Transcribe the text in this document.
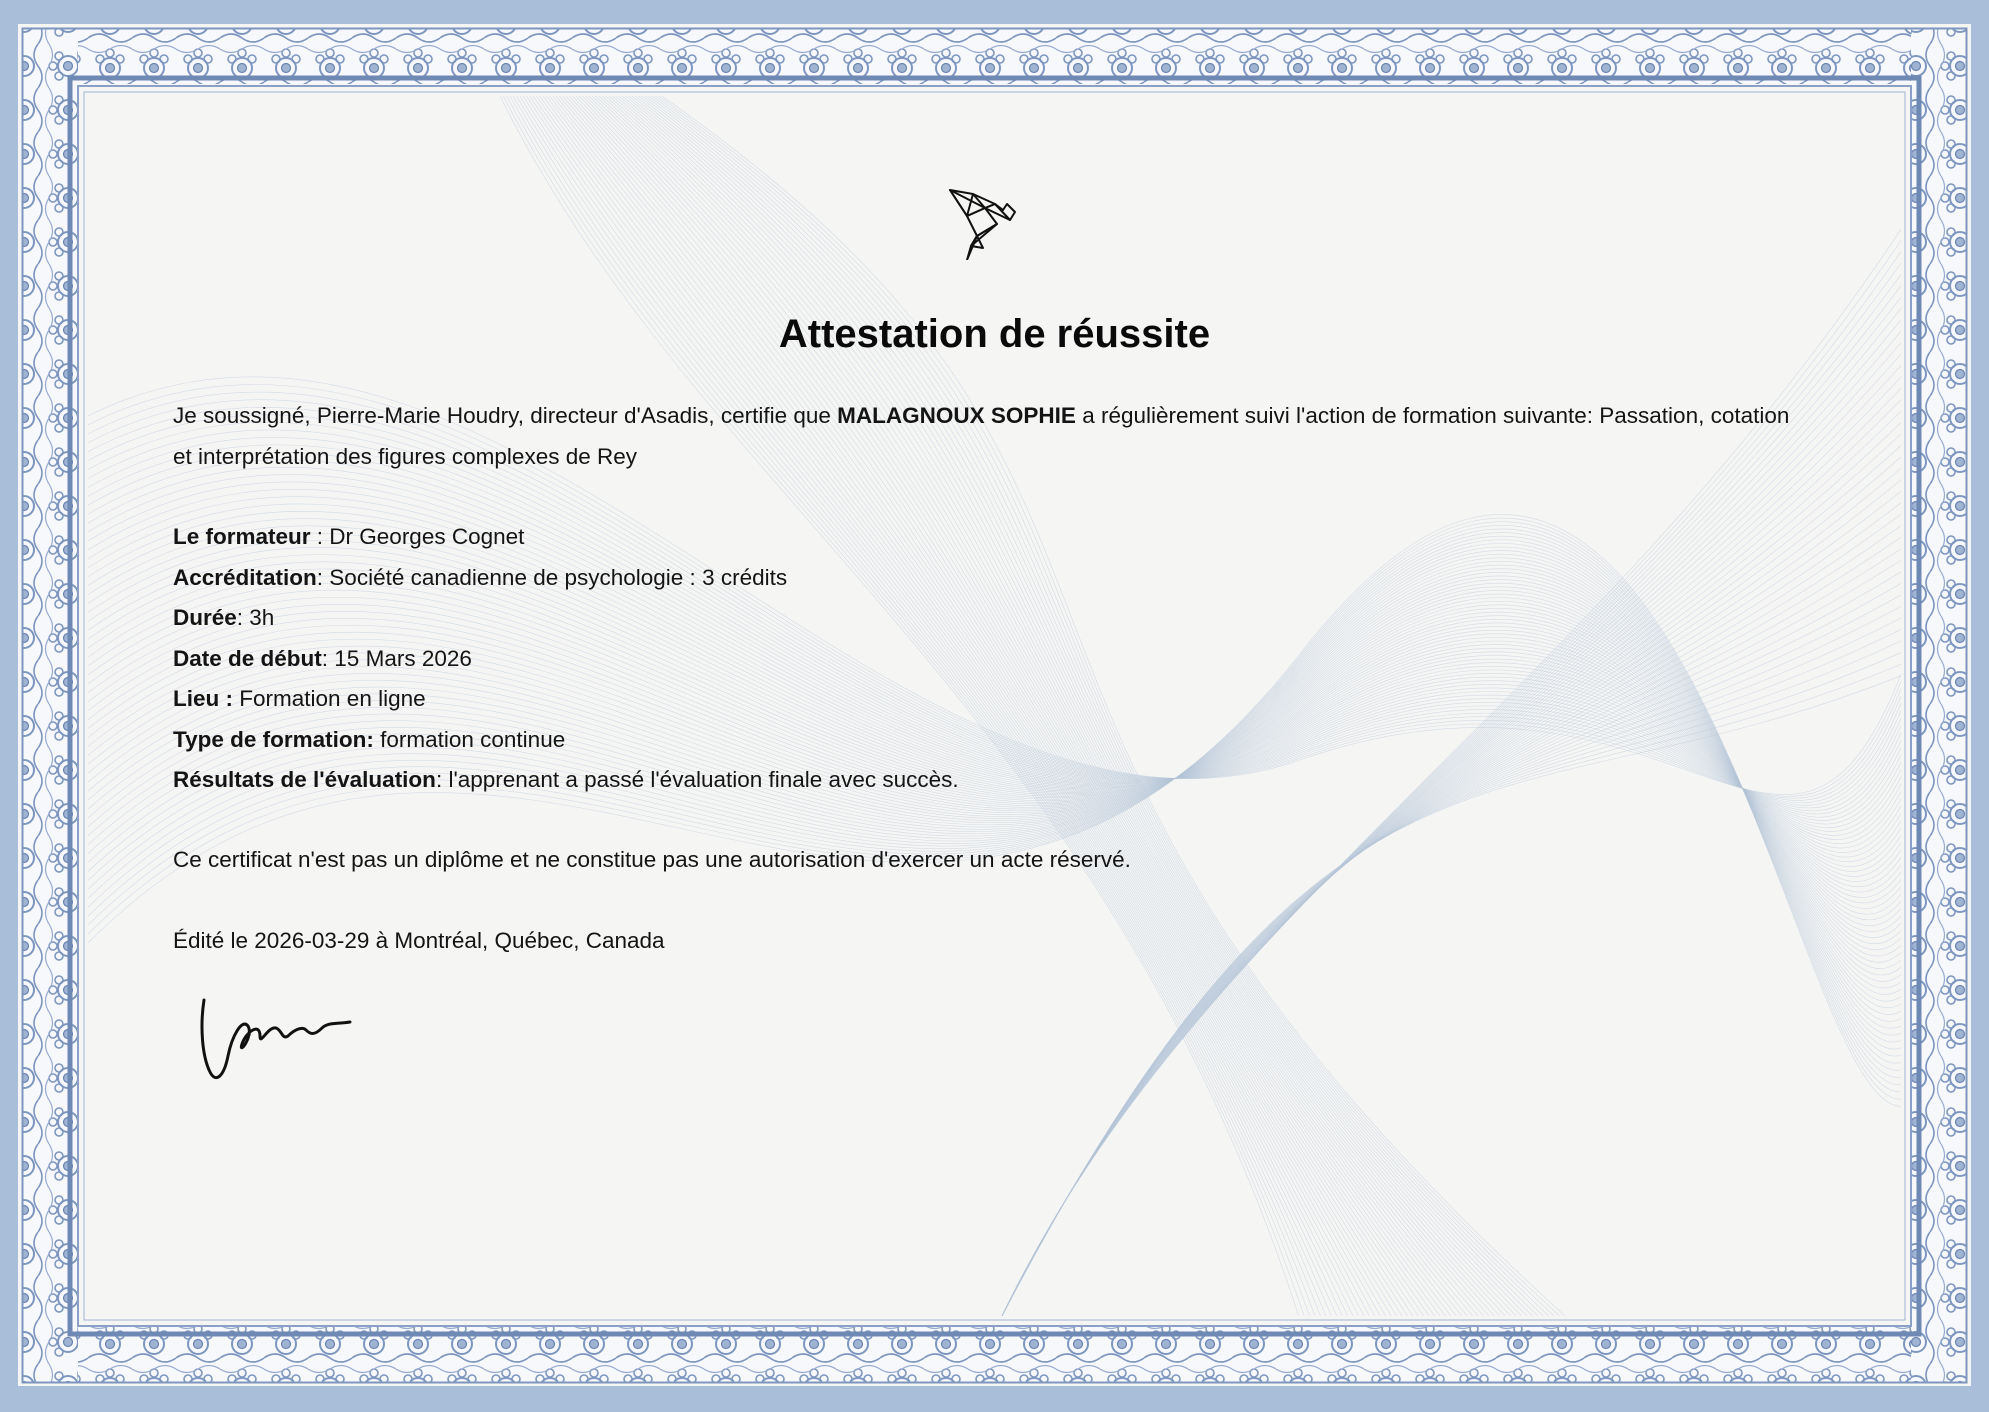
Attestation de réussite
Je soussigné, Pierre-Marie Houdry, directeur d'Asadis, certifie que MALAGNOUX SOPHIE a régulièrement suivi l'action de formation suivante: Passation, cotation et interprétation des figures complexes de Rey
Le formateur : Dr Georges Cognet
Accréditation: Société canadienne de psychologie : 3 crédits
Durée: 3h
Date de début: 15 Mars 2026
Lieu : Formation en ligne
Type de formation: formation continue
Résultats de l'évaluation: l'apprenant a passé l'évaluation finale avec succès.
Ce certificat n'est pas un diplôme et ne constitue pas une autorisation d'exercer un acte réservé.
Édité le 2026-03-29 à Montréal, Québec, Canada
